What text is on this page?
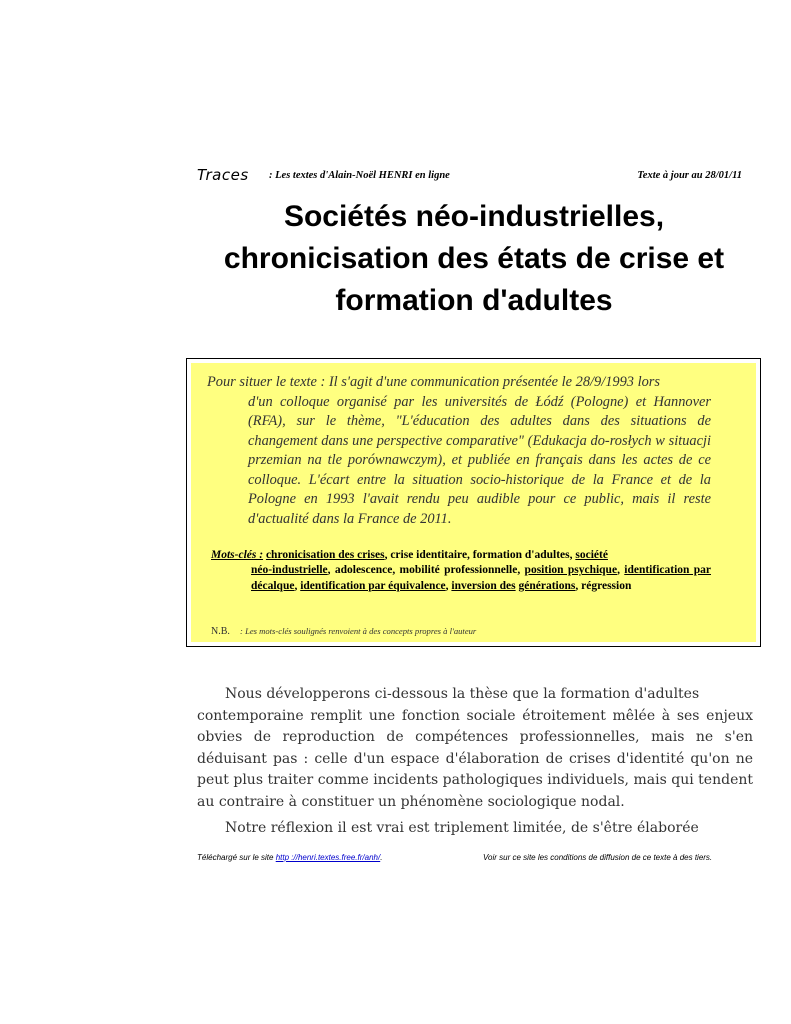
Traces : Les textes d'Alain-Noël HENRI en ligne	Texte à jour au 28/01/11
Sociétés néo-industrielles,
chronicisation des états de crise et
formation d'adultes
Pour situer le texte : Il s'agit d'une communication présentée le 28/9/1993 lors
d'un colloque organisé par les universités de Łódź (Pologne) et Hannover (RFA), sur le thème, "L'éducation des adultes dans des situations de changement dans une perspective comparative" (Edukacja do-rosłych w situacji przemian na tle porównawczym), et publiée en français dans les actes de ce colloque. L'écart entre la situation socio-historique de la France et de la Pologne en 1993 l'avait rendu peu audible pour ce public, mais il reste d'actualité dans la France de 2011.
Mots-clés : chronicisation des crises, crise identitaire, formation d'adultes, société
néo-industrielle, adolescence, mobilité professionnelle, position psychique, identification par décalque, identification par équivalence, inversion des générations, régression
N.B. : Les mots-clés soulignés renvoient à des concepts propres à l'auteur
Nous développerons ci-dessous la thèse que la formation d'adultes
contemporaine remplit une fonction sociale étroitement mêlée à ses enjeux obvies de reproduction de compétences professionnelles, mais ne s'en déduisant pas : celle d'un espace d'élaboration de crises d'identité qu'on ne peut plus traiter comme incidents pathologiques individuels, mais qui tendent au contraire à constituer un phénomène sociologique nodal.
Notre réflexion il est vrai est triplement limitée, de s'être élaborée
Téléchargé sur le site http ://henri.textes.free.fr/anh/.	Voir sur ce site les conditions de diffusion de ce texte à des tiers.
